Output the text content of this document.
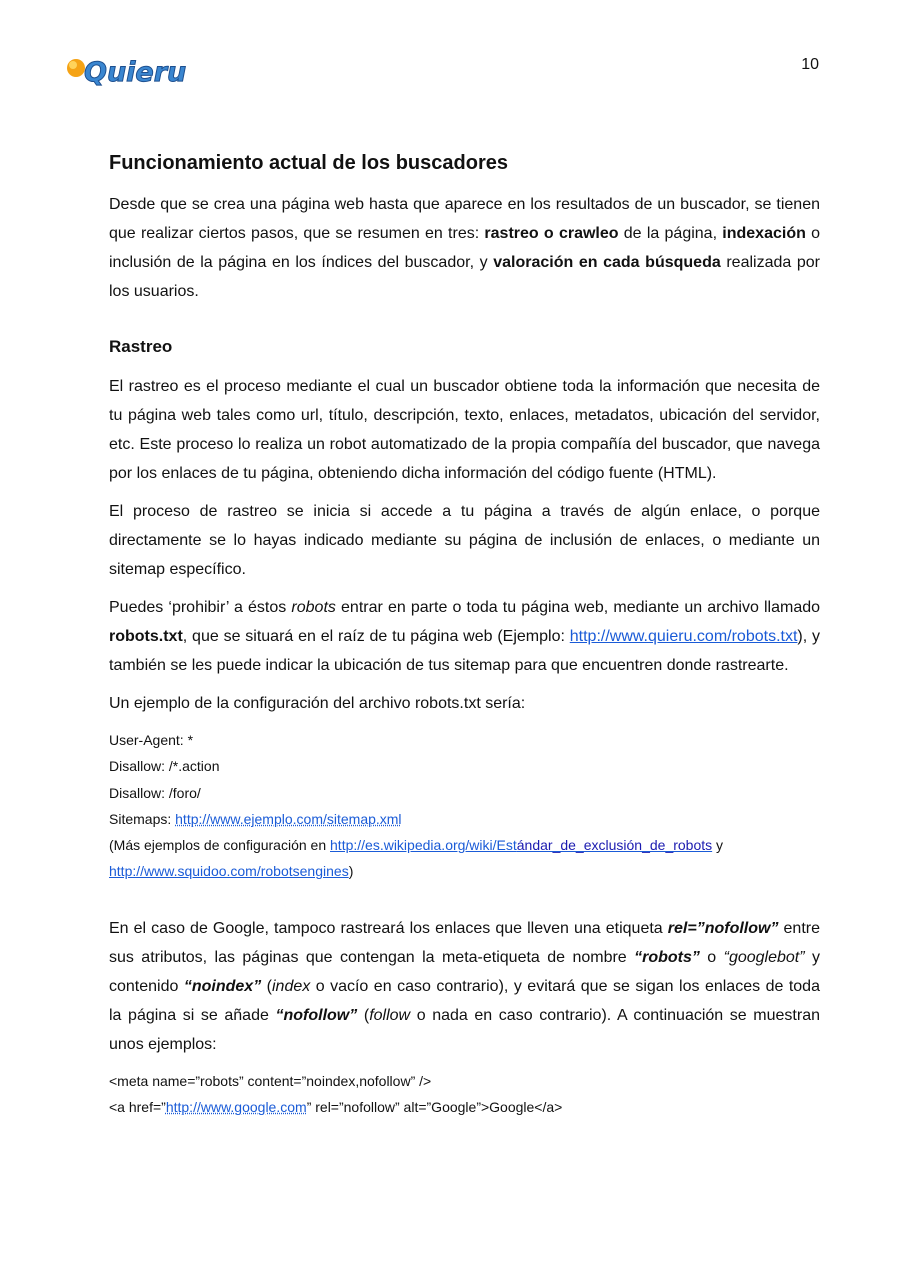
Quieru	10
Funcionamiento actual de los buscadores

Desde que se crea una página web hasta que aparece en los resultados de un buscador, se tienen que realizar ciertos pasos, que se resumen en tres: rastreo o crawleo de la página, indexación o inclusión de la página en los índices del buscador, y valoración en cada búsqueda realizada por los usuarios.

Rastreo

El rastreo es el proceso mediante el cual un buscador obtiene toda la información que necesita de tu página web tales como url, título, descripción, texto, enlaces, metadatos, ubicación del servidor, etc. Este proceso lo realiza un robot automatizado de la propia compañía del buscador, que navega por los enlaces de tu página, obteniendo dicha información del código fuente (HTML).

El proceso de rastreo se inicia si accede a tu página a través de algún enlace, o porque directamente se lo hayas indicado mediante su página de inclusión de enlaces, o mediante un sitemap específico.

Puedes ‘prohibir’ a éstos robots entrar en parte o toda tu página web, mediante un archivo llamado robots.txt, que se situará en el raíz de tu página web (Ejemplo: http://www.quieru.com/robots.txt), y también se les puede indicar la ubicación de tus sitemap para que encuentren donde rastrearte.

Un ejemplo de la configuración del archivo robots.txt sería:

User-Agent: *

Disallow: /*.action

Disallow: /foro/

Sitemaps: http://www.ejemplo.com/sitemap.xml

(Más ejemplos de configuración en http://es.wikipedia.org/wiki/Estándar_de_exclusión_de_robots y
http://www.squidoo.com/robotsengines)

En el caso de Google, tampoco rastreará los enlaces que lleven una etiqueta rel=”nofollow” entre sus atributos, las páginas que contengan la meta-etiqueta de nombre “robots” o “googlebot” y contenido “noindex” (index o vacío en caso contrario), y evitará que se sigan los enlaces de toda la página si se añade “nofollow” (follow o nada en caso contrario). A continuación se muestran unos ejemplos:

<meta name=”robots” content=”noindex,nofollow” />

<a href=”http://www.google.com” rel=”nofollow” alt=”Google”>Google</a>
